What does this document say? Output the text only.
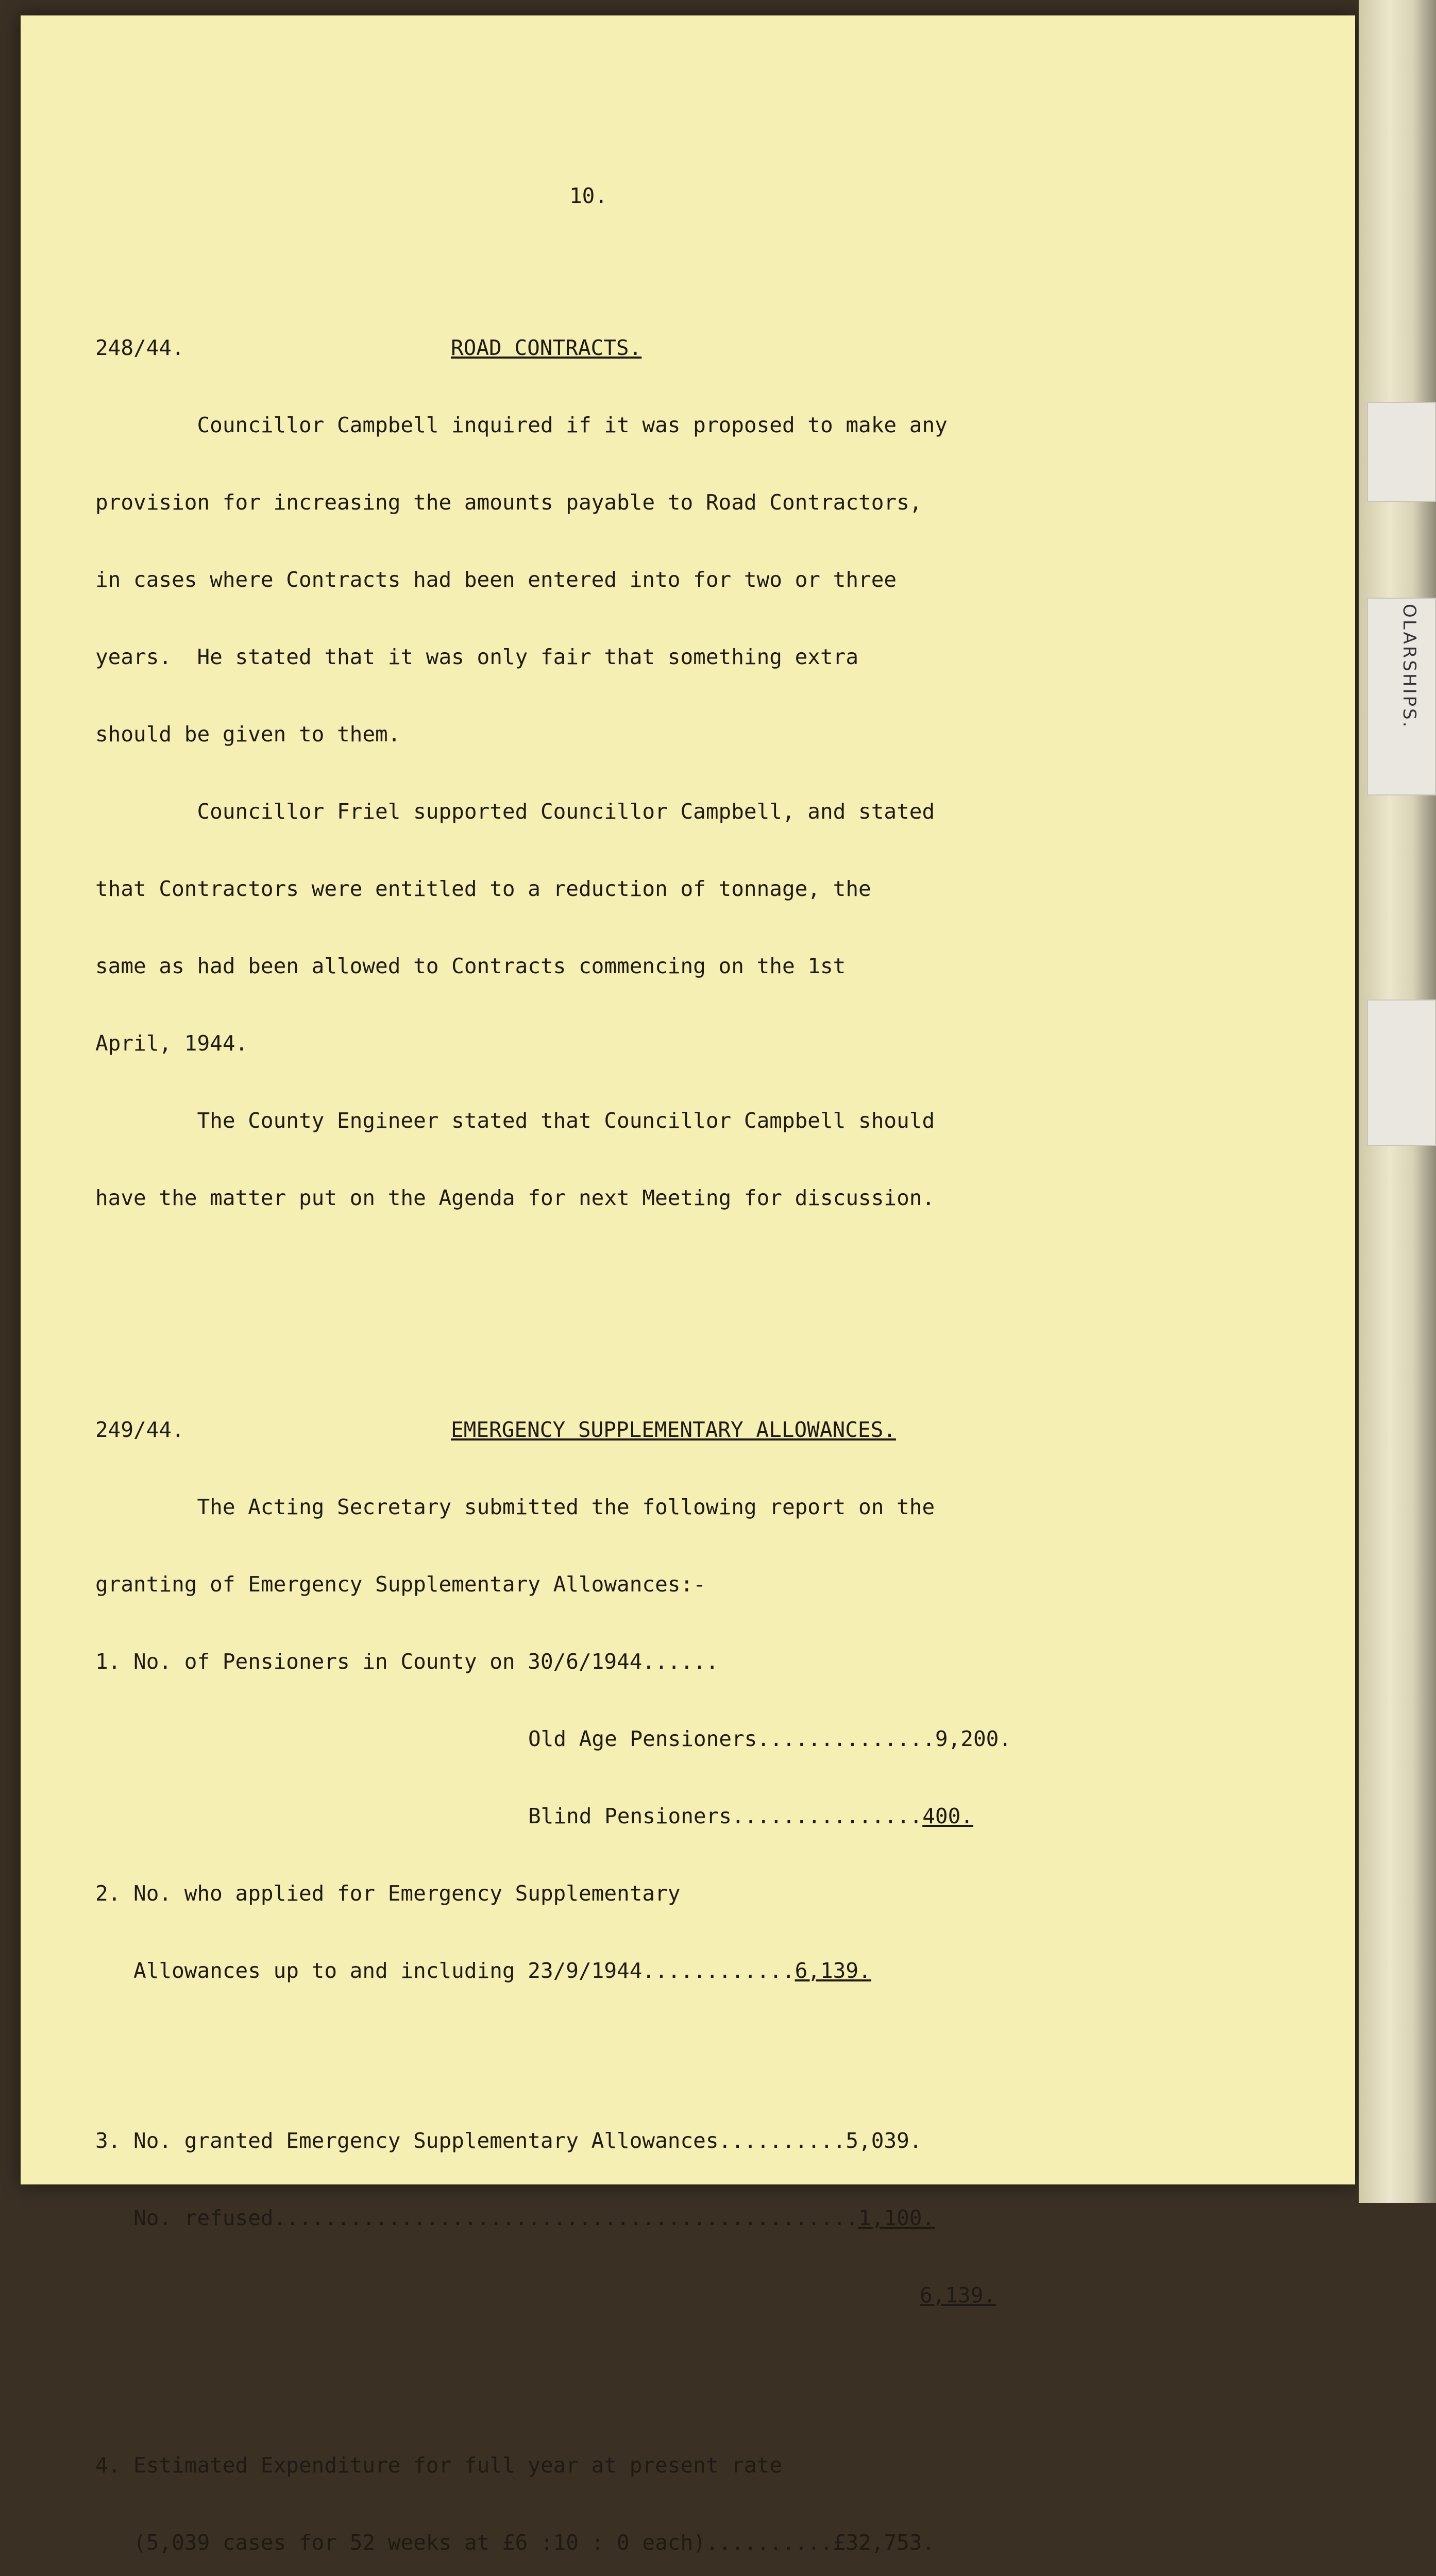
OLARSHIPS.

10.

248/44.	ROAD CONTRACTS.

Councillor Campbell inquired if it was proposed to make any

provision for increasing the amounts payable to Road Contractors,

in cases where Contracts had been entered into for two or three

years.  He stated that it was only fair that something extra

should be given to them.

Councillor Friel supported Councillor Campbell, and stated

that Contractors were entitled to a reduction of tonnage, the

same as had been allowed to Contracts commencing on the 1st

April, 1944.

The County Engineer stated that Councillor Campbell should

have the matter put on the Agenda for next Meeting for discussion.

249/44.	EMERGENCY SUPPLEMENTARY ALLOWANCES.

The Acting Secretary submitted the following report on the

granting of Emergency Supplementary Allowances:-

1. No. of Pensioners in County on 30/6/1944......

Old Age Pensioners..............9,200.

Blind Pensioners...............400.

2. No. who applied for Emergency Supplementary

Allowances up to and including 23/9/1944............6,139.

3. No. granted Emergency Supplementary Allowances..........5,039.

No. refused..............................................1,100.

6,139.

4. Estimated Expenditure for full year at present rate

(5,039 cases for 52 weeks at £6 :10 : 0 each)..........£32,753.
